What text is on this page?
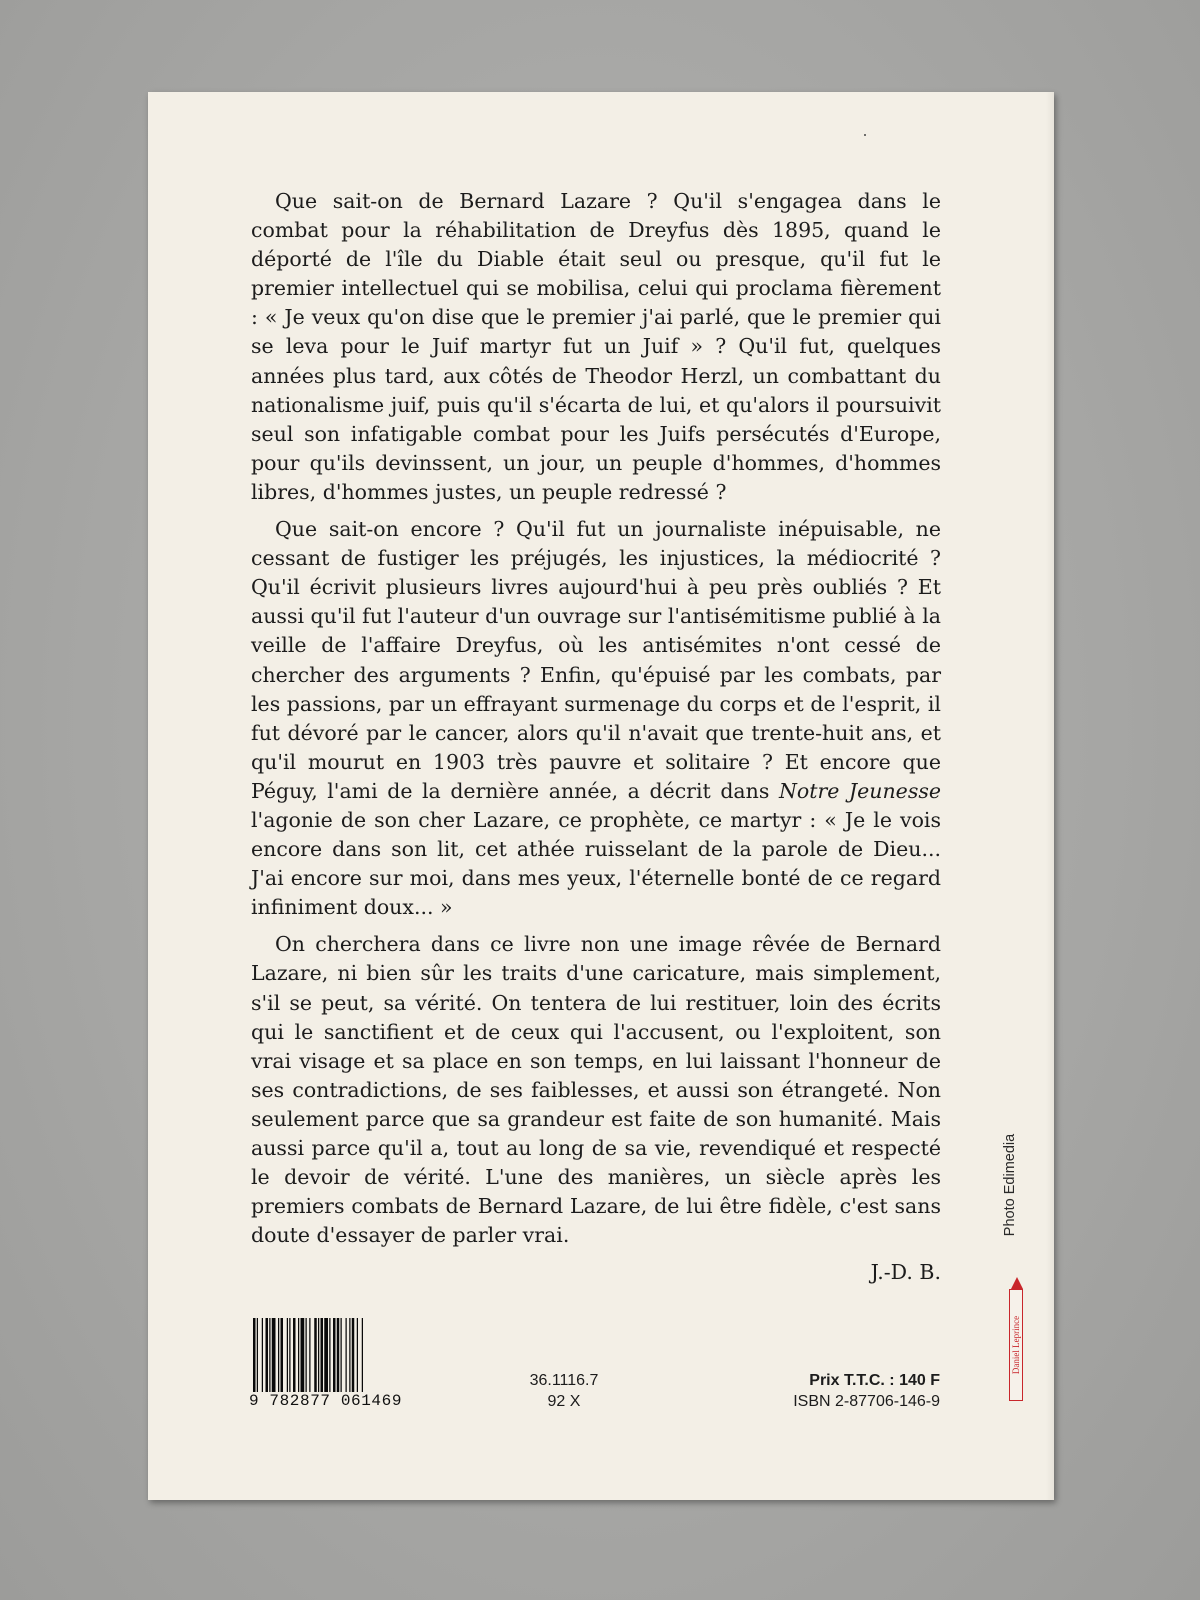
Que sait-on de Bernard Lazare ? Qu'il s'engagea dans le combat pour la réhabilitation de Dreyfus dès 1895, quand le déporté de l'île du Diable était seul ou presque, qu'il fut le premier intellectuel qui se mobilisa, celui qui proclama fièrement : « Je veux qu'on dise que le premier j'ai parlé, que le premier qui se leva pour le Juif martyr fut un Juif » ? Qu'il fut, quelques années plus tard, aux côtés de Theodor Herzl, un combattant du nationalisme juif, puis qu'il s'écarta de lui, et qu'alors il poursuivit seul son infatigable combat pour les Juifs persécutés d'Europe, pour qu'ils devinssent, un jour, un peuple d'hommes, d'hommes libres, d'hommes justes, un peuple redressé ?

Que sait-on encore ? Qu'il fut un journaliste inépuisable, ne cessant de fustiger les préjugés, les injustices, la médiocrité ? Qu'il écrivit plusieurs livres aujourd'hui à peu près oubliés ? Et aussi qu'il fut l'auteur d'un ouvrage sur l'antisémitisme publié à la veille de l'affaire Dreyfus, où les antisémites n'ont cessé de chercher des arguments ? Enfin, qu'épuisé par les combats, par les passions, par un effrayant surmenage du corps et de l'esprit, il fut dévoré par le cancer, alors qu'il n'avait que trente-huit ans, et qu'il mourut en 1903 très pauvre et solitaire ? Et encore que Péguy, l'ami de la dernière année, a décrit dans Notre Jeunesse l'agonie de son cher Lazare, ce prophète, ce martyr : « Je le vois encore dans son lit, cet athée ruisselant de la parole de Dieu... J'ai encore sur moi, dans mes yeux, l'éternelle bonté de ce regard infiniment doux... »

On cherchera dans ce livre non une image rêvée de Bernard Lazare, ni bien sûr les traits d'une caricature, mais simplement, s'il se peut, sa vérité. On tentera de lui restituer, loin des écrits qui le sanctifient et de ceux qui l'accusent, ou l'exploitent, son vrai visage et sa place en son temps, en lui laissant l'honneur de ses contradictions, de ses faiblesses, et aussi son étrangeté. Non seulement parce que sa grandeur est faite de son humanité. Mais aussi parce qu'il a, tout au long de sa vie, revendiqué et respecté le devoir de vérité. L'une des manières, un siècle après les premiers combats de Bernard Lazare, de lui être fidèle, c'est sans doute d'essayer de parler vrai.

J.-D. B.

9 782877 061469
36.1116.7
92 X
Prix T.T.C. : 140 F
ISBN 2-87706-146-9
Photo Edimedia
Daniel Leprince
